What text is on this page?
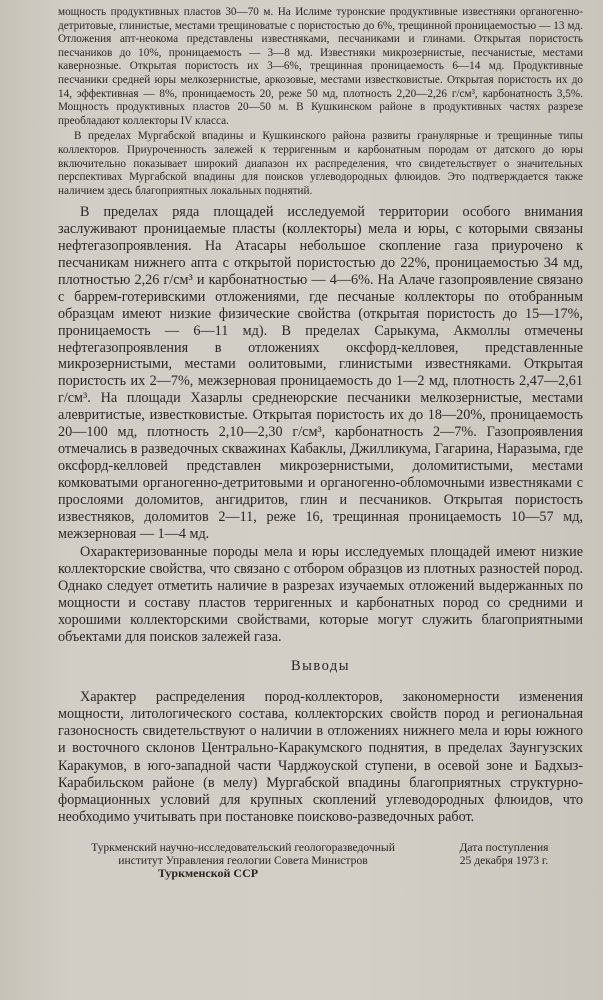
мощность продуктивных пластов 30—70 м. На Ислиме туронские продуктивные известняки органогенно-детритовые, глинистые, местами трещиноватые с пористостью до 6%, трещинной проницаемостью — 13 мд. Отложения апт-неокома представлены известняками, песчаниками и глинами. Открытая пористость песчаников до 10%, проницаемость — 3—8 мд. Известняки микрозернистые, песчанистые, местами кавернозные. Открытая пористость их 3—6%, трещинная проницаемость 6—14 мд. Продуктивные песчаники средней юры мелкозернистые, аркозовые, местами известковистые. Открытая пористость их до 14, эффективная — 8%, проницаемость 20, реже 50 мд, плотность 2,20—2,26 г/см³, карбонатность 3,5%. Мощность продуктивных пластов 20—50 м. В Кушкинском районе в продуктивных частях разрезе преобладают коллекторы IV класса.

В пределах Мургабской впадины и Кушкинского района развиты гранулярные и трещинные типы коллекторов. Приуроченность залежей к терригенным и карбонатным породам от датского до юры включительно показывает широкий диапазон их распределения, что свидетельствует о значительных перспективах Мургабской впадины для поисков углеводородных флюидов. Это подтверждается также наличием здесь благоприятных локальных поднятий.

В пределах ряда площадей исследуемой территории особого внимания заслуживают проницаемые пласты (коллекторы) мела и юры, с которыми связаны нефтегазопроявления. На Атасары небольшое скопление газа приурочено к песчаникам нижнего апта с открытой пористостью до 22%, проницаемостью 34 мд, плотностью 2,26 г/см³ и карбонатностью — 4—6%. На Алаче газопроявление связано с баррем-готеривскими отложениями, где песчаные коллекторы по отобранным образцам имеют низкие физические свойства (открытая пористость до 15—17%, проницаемость — 6—11 мд). В пределах Сарыкума, Акмоллы отмечены нефтегазопроявления в отложениях оксфорд-келловея, представленные микрозернистыми, местами оолитовыми, глинистыми известняками. Открытая пористость их 2—7%, межзерновая проницаемость до 1—2 мд, плотность 2,47—2,61 г/см³. На площади Хазарлы среднеюрские песчаники мелкозернистые, местами алевритистые, известковистые. Открытая пористость их до 18—20%, проницаемость 20—100 мд, плотность 2,10—2,30 г/см³, карбонатность 2—7%. Газопроявления отмечались в разведочных скважинах Кабаклы, Джилликума, Гагарина, Наразыма, где оксфорд-келловей представлен микрозернистыми, доломитистыми, местами комковатыми органогенно-детритовыми и органогенно-обломочными известняками с прослоями доломитов, ангидритов, глин и песчаников. Открытая пористость известняков, доломитов 2—11, реже 16, трещинная проницаемость 10—57 мд, межзерновая — 1—4 мд.

Охарактеризованные породы мела и юры исследуемых площадей имеют низкие коллекторские свойства, что связано с отбором образцов из плотных разностей пород. Однако следует отметить наличие в разрезах изучаемых отложений выдержанных по мощности и составу пластов терригенных и карбонатных пород со средними и хорошими коллекторскими свойствами, которые могут служить благоприятными объектами для поисков залежей газа.

Выводы

Характер распределения пород-коллекторов, закономерности изменения мощности, литологического состава, коллекторских свойств пород и региональная газоносность свидетельствуют о наличии в отложениях нижнего мела и юры южного и восточного склонов Центрально-Каракумского поднятия, в пределах Заунгузских Каракумов, в юго-западной части Чарджоуской ступени, в осевой зоне и Бадхыз-Карабильском районе (в мелу) Мургабской впадины благоприятных структурно-формационных условий для крупных скоплений углеводородных флюидов, что необходимо учитывать при постановке поисково-разведочных работ.

Туркменский научно-исследовательский геологоразведочный
институт Управления геологии Совета Министров
Туркменской ССР
Дата поступления
25 декабря 1973 г.
